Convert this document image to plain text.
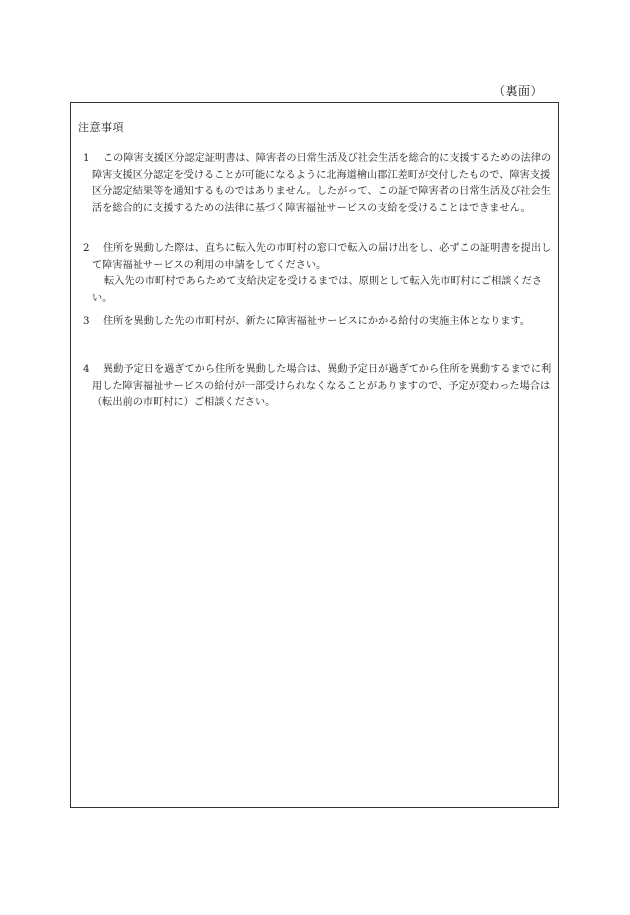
（裏面）
注意事項
1 この障害支援区分認定証明書は、障害者の日常生活及び社会生活を総合的に支援するための法律の障害支援区分認定を受けることが可能になるように北海道檜山郡江差町が交付したもので、障害支援区分認定結果等を通知するものではありません。したがって、この証で障害者の日常生活及び社会生活を総合的に支援するための法律に基づく障害福祉サービスの支給を受けることはできません。
2 住所を異動した際は、直ちに転入先の市町村の窓口で転入の届け出をし、必ずこの証明書を提出して障害福祉サービスの利用の申請をしてください。
転入先の市町村であらためて支給決定を受けるまでは、原則として転入先市町村にご相談ください。
3 住所を異動した先の市町村が、新たに障害福祉サービスにかかる給付の実施主体となります。
4 異動予定日を過ぎてから住所を異動した場合は、異動予定日が過ぎてから住所を異動するまでに利用した障害福祉サービスの給付が一部受けられなくなることがありますので、予定が変わった場合は（転出前の市町村に）ご相談ください。
